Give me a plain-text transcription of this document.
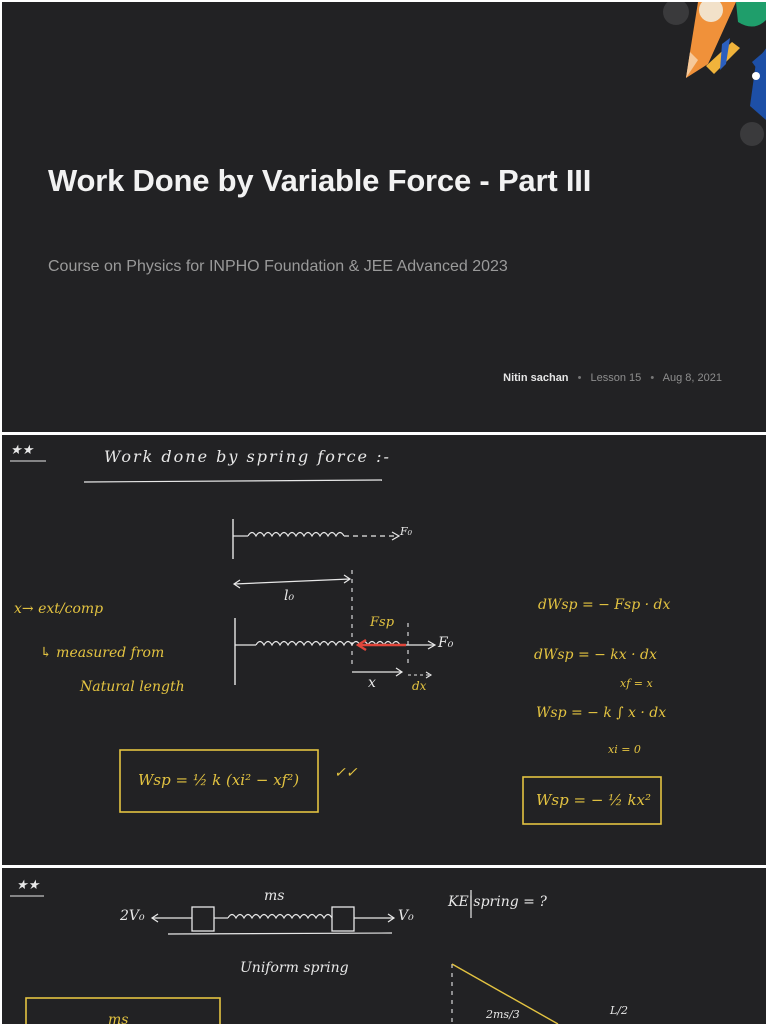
Work Done by Variable Force - Part III
Course on Physics for INPHO Foundation & JEE Advanced 2023
Nitin sachan • Lesson 15 • Aug 8, 2021
★★	Work done by spring force :-
F₀
l₀
Fsp
F₀
x	dx
x→ ext/comp
↳ measured from
Natural length
dWsp = − Fsp · dx
dWsp = − kx · dx
xf = x
Wsp = − k ∫ x · dx
xi = 0
Wsp = ½ k (xi² − xf²) ✓✓
Wsp = − ½ kx²
★★
ms
2V₀	V₀
KE|spring = ?
Uniform spring
2ms/3	L/2
ms
